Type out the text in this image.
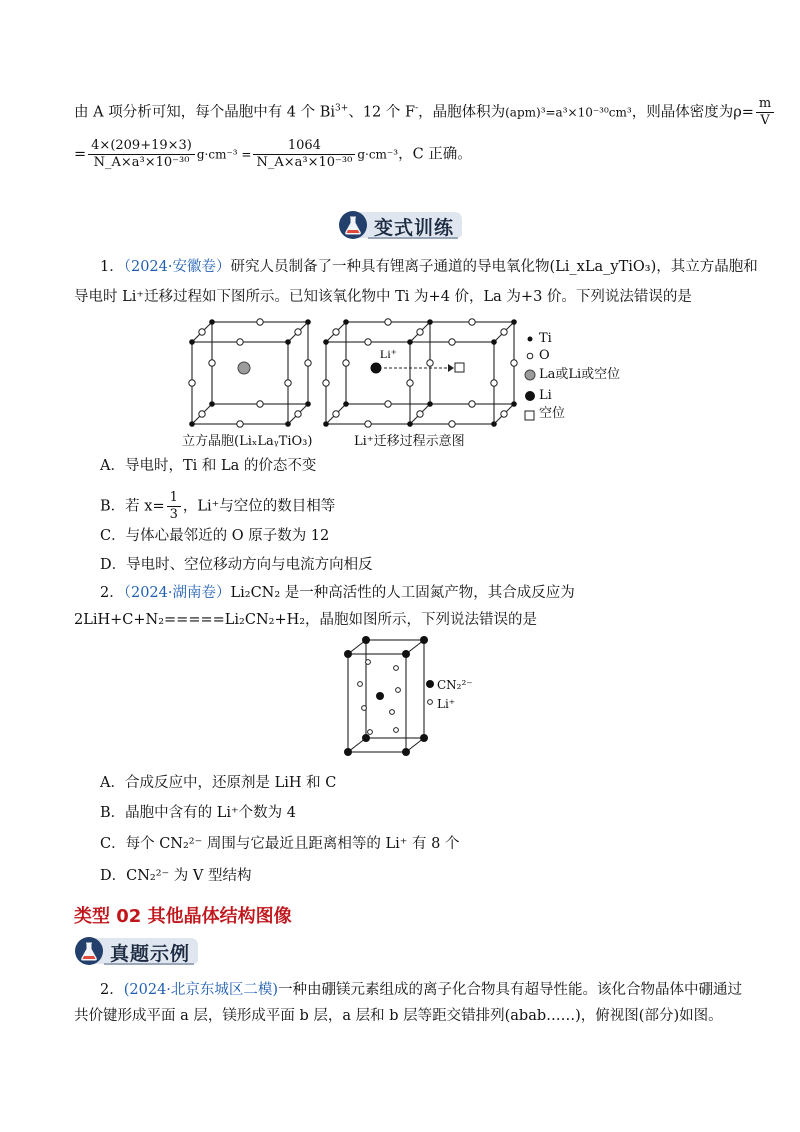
由 A 项分析可知，每个晶胞中有 4 个 $Bi^{3+}$、12 个 F-，晶胞体积为(apm)³=a³×10⁻³⁰cm³，则晶体密度为$\rho= \frac{m}{V}$
= $\frac{4\times(209+19\times 3)}{\text{N\_A×a³×10⁻³⁰}} g\cdot cm^{-3} = \frac{1064}{\text{N\_A×a³×10⁻³⁰}} g\cdot cm^{-3}$，C 正确。
变式训练
1．（2024·安徽卷）研究人员制备了一种具有锂离子通道的导电氧化物(Li_xLa_yTiO₃)，其立方晶胞和
导电时 Li⁺迁移过程如下图所示。已知该氧化物中 Ti 为+4 价，La 为+3 价。下列说法错误的是
Li⁺
Ti
O
La或Li或空位
Li
空位
立方晶胞(LiₓLaᵧTiO₃)	Li⁺迁移过程示意图
A．导电时，Ti 和 La 的价态不变
B．若 $x= \frac{1}{3}$ ，Li⁺与空位的数目相等
C．与体心最邻近的 O 原子数为 12
D．导电时、空位移动方向与电流方向相反
2．（2024·湖南卷）Li₂CN₂ 是一种高活性的人工固氮产物，其合成反应为
2LiH+C+N₂=====Li₂CN₂+H₂，晶胞如图所示，下列说法错误的是
CN₂²⁻
Li⁺
A．合成反应中，还原剂是 LiH 和 C
B．晶胞中含有的 Li⁺个数为 4
C．每个 CN₂²⁻ 周围与它最近且距离相等的 Li⁺ 有 8 个
D．CN₂²⁻ 为 V 型结构
类型 02 其他晶体结构图像
真题示例
2．(2024·北京东城区二模)一种由硼镁元素组成的离子化合物具有超导性能。该化合物晶体中硼通过
共价键形成平面 a 层，镁形成平面 b 层，a 层和 b 层等距交错排列(abab……)，俯视图(部分)如图。
